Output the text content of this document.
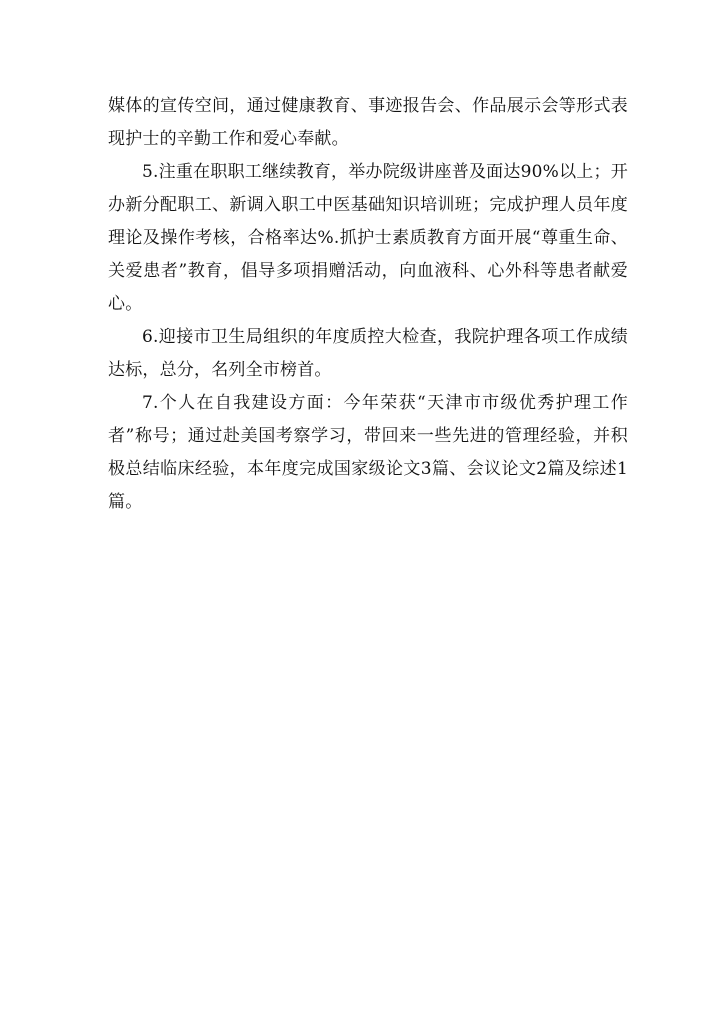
媒体的宣传空间，通过健康教育、事迹报告会、作品展示会等形式表现护士的辛勤工作和爱心奉献。

5.注重在职职工继续教育，举办院级讲座普及面达90%以上；开办新分配职工、新调入职工中医基础知识培训班；完成护理人员年度理论及操作考核，合格率达%.抓护士素质教育方面开展“尊重生命、关爱患者”教育，倡导多项捐赠活动，向血液科、心外科等患者献爱心。

6.迎接市卫生局组织的年度质控大检查，我院护理各项工作成绩达标，总分，名列全市榜首。

7.个人在自我建设方面：今年荣获“天津市市级优秀护理工作者”称号；通过赴美国考察学习，带回来一些先进的管理经验，并积极总结临床经验，本年度完成国家级论文3篇、会议论文2篇及综述1篇。
